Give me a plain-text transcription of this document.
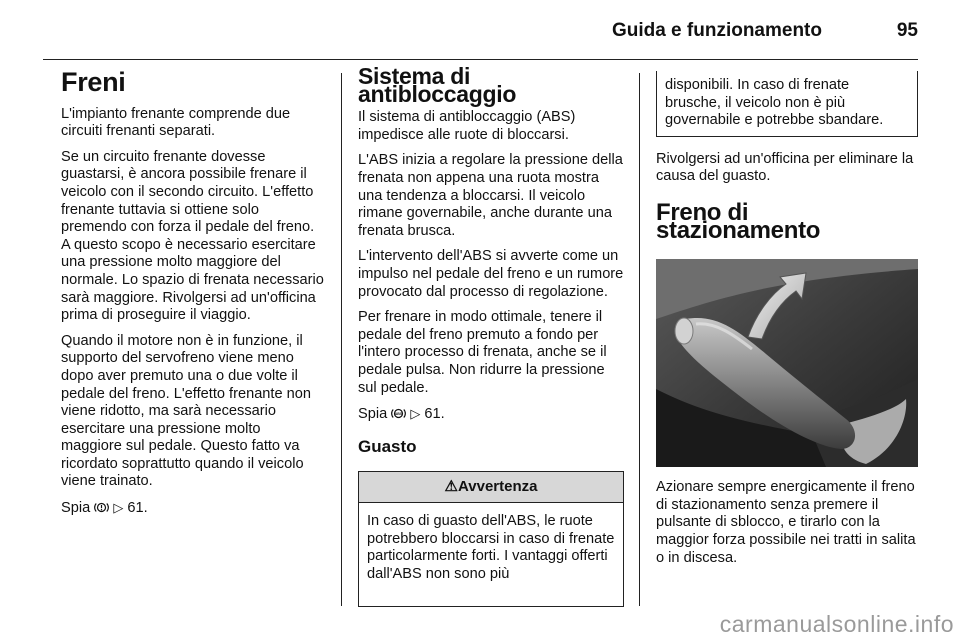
Guida e funzionamento	95
Freni

L'impianto frenante comprende due circuiti frenanti separati.

Se un circuito frenante dovesse guastarsi, è ancora possibile frenare il veicolo con il secondo circuito. L'effetto frenante tuttavia si ottiene solo premendo con forza il pedale del freno. A questo scopo è necessario esercitare una pressione molto maggiore del normale. Lo spazio di frenata necessario sarà maggiore. Rivolgersi ad un'officina prima di proseguire il viaggio.

Quando il motore non è in funzione, il supporto del servofreno viene meno dopo aver premuto una o due volte il pedale del freno. L'effetto frenante non viene ridotto, ma sarà necessario esercitare una pressione molto maggiore sul pedale. Questo fatto va ricordato soprattutto quando il veicolo viene trainato.

Spia ▷ 61.

Sistema di antibloccaggio

Il sistema di antibloccaggio (ABS) impedisce alle ruote di bloccarsi.

L'ABS inizia a regolare la pressione della frenata non appena una ruota mostra una tendenza a bloccarsi. Il veicolo rimane governabile, anche durante una frenata brusca.

L'intervento dell'ABS si avverte come un impulso nel pedale del freno e un rumore provocato dal processo di regolazione.

Per frenare in modo ottimale, tenere il pedale del freno premuto a fondo per l'intero processo di frenata, anche se il pedale pulsa. Non ridurre la pressione sul pedale.

Spia ABS ▷ 61.

Guasto
⚠Avvertenza
In caso di guasto dell'ABS, le ruote potrebbero bloccarsi in caso di frenate particolarmente forti. I vantaggi offerti dall'ABS non sono più
disponibili. In caso di frenate brusche, il veicolo non è più governabile e potrebbe sbandare.

Rivolgersi ad un'officina per eliminare la causa del guasto.

Freno di stazionamento

Azionare sempre energicamente il freno di stazionamento senza premere il pulsante di sblocco, e tirarlo con la maggior forza possibile nei tratti in salita o in discesa.

carmanualsonline.info
